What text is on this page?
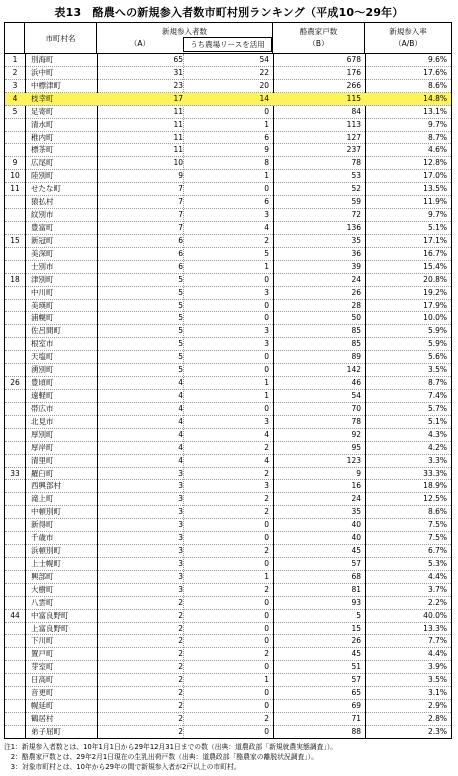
表13　酪農への新規参入者数市町村別ランキング（平成10～29年）
市町村名
新規参入者数
（A）	うち農場リースを活用
酪農家戸数
（B）
新規参入率
（A/B）
1	別海町	65	54	678	9.6%
2	浜中町	31	22	176	17.6%
3	中標津町	23	20	266	8.6%
4	枝幸町	17	14	115	14.8%
5	足寄町	11	0	84	13.1%
清水町	11	1	113	9.7%
稚内町	11	6	127	8.7%
標茶町	11	9	237	4.6%
9	広尾町	10	8	78	12.8%
10	陸別町	9	1	53	17.0%
11	せたな町	7	0	52	13.5%
猿払村	7	6	59	11.9%
紋別市	7	3	72	9.7%
豊富町	7	4	136	5.1%
15	新冠町	6	2	35	17.1%
美深町	6	5	36	16.7%
士別市	6	1	39	15.4%
18	津別町	5	0	24	20.8%
中川町	5	3	26	19.2%
美瑛町	5	0	28	17.9%
浦幌町	5	0	50	10.0%
佐呂間町	5	3	85	5.9%
根室市	5	3	85	5.9%
天塩町	5	0	89	5.6%
湧別町	5	0	142	3.5%
26	豊頃町	4	1	46	8.7%
遠軽町	4	1	54	7.4%
帯広市	4	0	70	5.7%
北見市	4	3	78	5.1%
厚別町	4	4	92	4.3%
厚岸町	4	2	95	4.2%
清里町	4	4	123	3.3%
33	羅臼町	3	2	9	33.3%
西興部村	3	3	16	18.9%
滝上町	3	2	24	12.5%
中頓別町	3	2	35	8.6%
新得町	3	0	40	7.5%
千歳市	3	0	40	7.5%
浜頓別町	3	2	45	6.7%
上士幌町	3	0	57	5.3%
興部町	3	1	68	4.4%
大樹町	3	2	81	3.7%
八雲町	2	0	93	2.2%
44	中富良野町	2	0	5	40.0%
上富良野町	2	0	15	13.3%
下川町	2	0	26	7.7%
置戸町	2	2	45	4.4%
芽室町	2	0	51	3.9%
日高町	2	1	57	3.5%
音更町	2	0	65	3.1%
幌延町	2	0	69	2.9%
鶴居村	2	2	71	2.8%
弟子屈町	2	0	88	2.3%
注1：新規参入者数とは、10年1月1日から29年12月31日までの数（出典：道農政部「新規就農実態調査」）。
　2：酪農家戸数とは、29年2月1日現在の生乳出荷戸数（出典：道農政部「酪農家の離脱状況調査」）。
　3：対象市町村とは、10年から29年の間で新規参入者が2戸以上の市町村。
